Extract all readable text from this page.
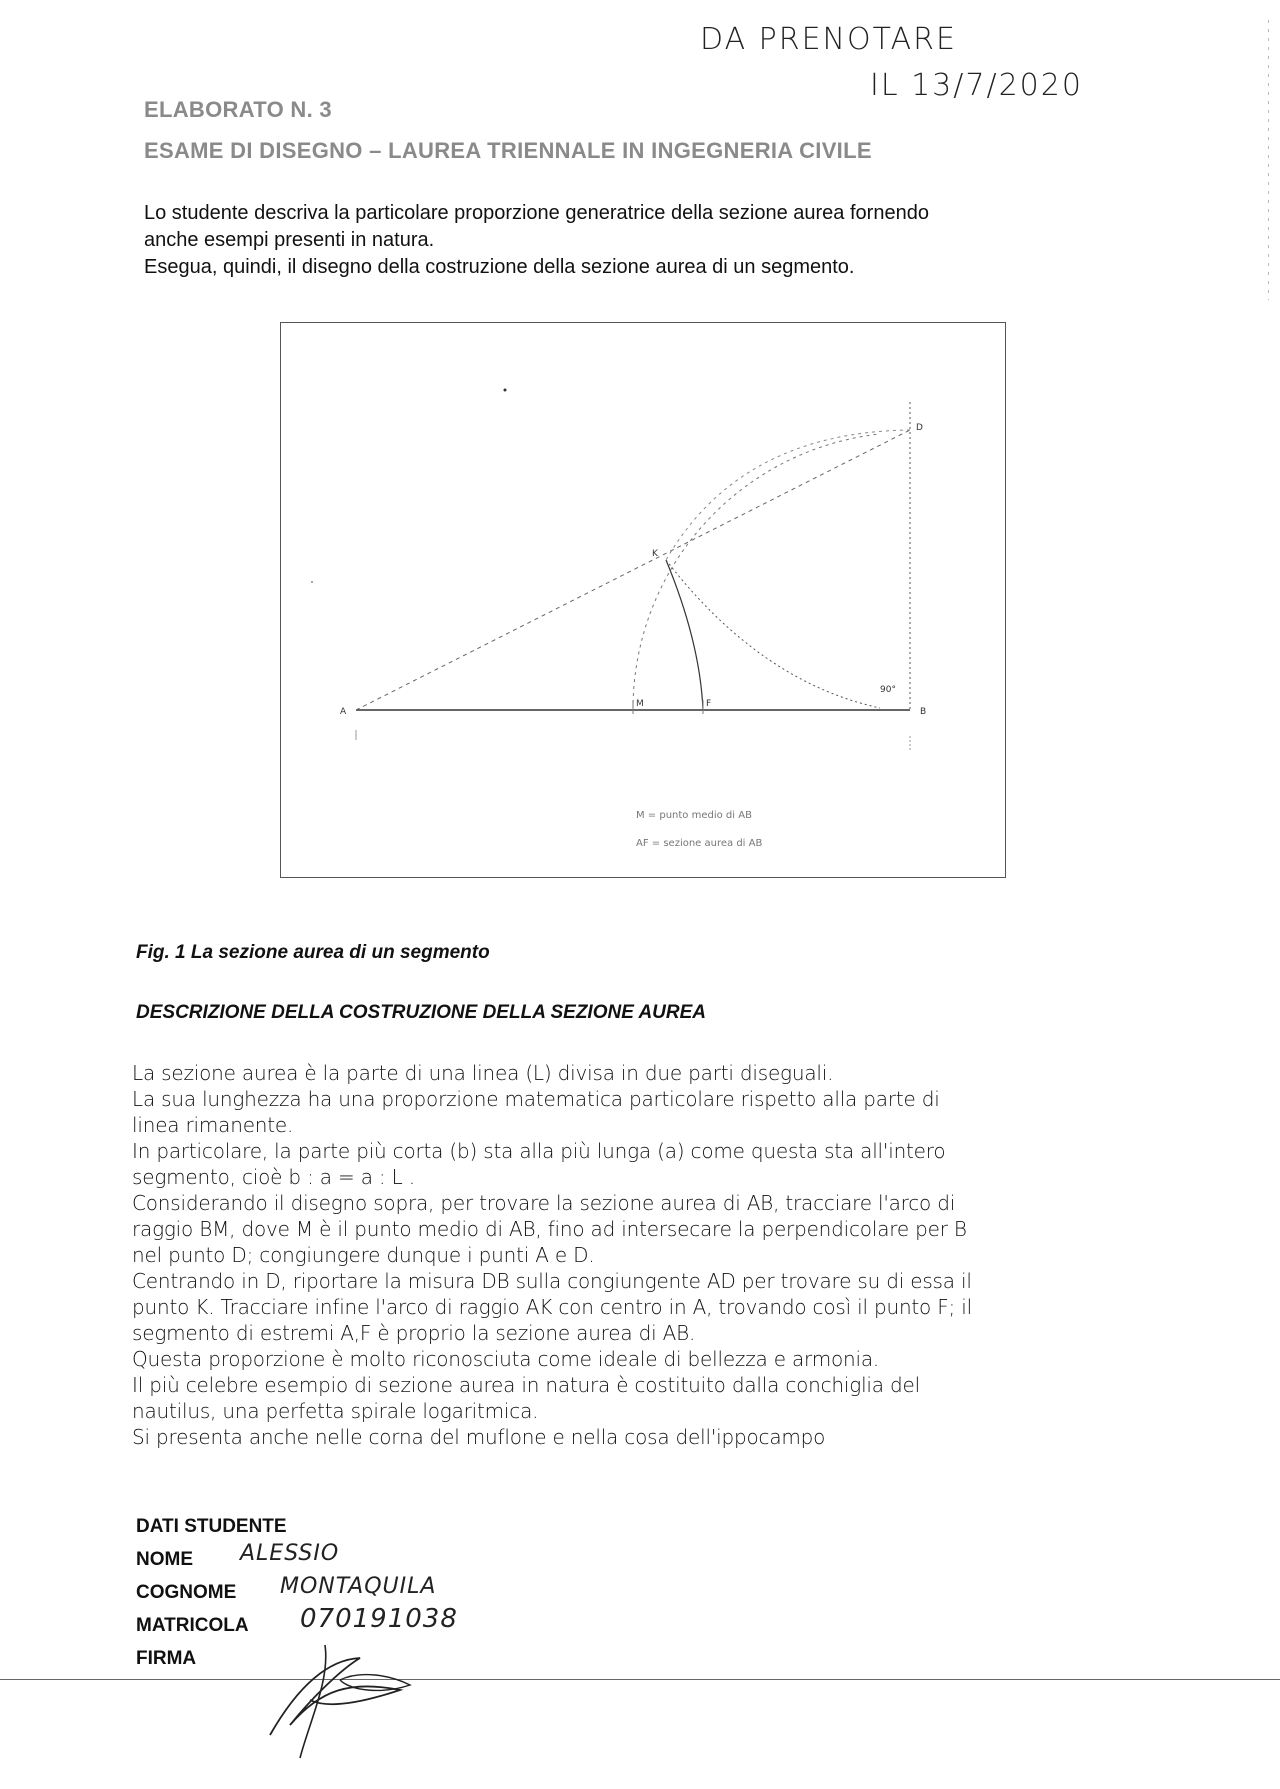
DA PRENOTARE
IL 13/7/2020
ELABORATO N. 3
ESAME DI DISEGNO – LAUREA TRIENNALE IN INGEGNERIA CIVILE

Lo studente descriva la particolare proporzione generatrice della sezione aurea fornendo

anche esempi presenti in natura.

Esegua, quindi, il disegno della costruzione della sezione aurea di un segmento.

A	B
D
K
M	F
90°
M = punto medio di AB
AF = sezione aurea di AB
Fig. 1 La sezione aurea di un segmento
DESCRIZIONE DELLA COSTRUZIONE DELLA SEZIONE AUREA

La sezione aurea è la parte di una linea (L) divisa in due parti diseguali.

La sua lunghezza ha una proporzione matematica particolare rispetto alla parte di

linea rimanente.

In particolare, la parte più corta (b) sta alla più lunga (a) come questa sta all'intero

segmento, cioè b : a = a : L .

Considerando il disegno sopra, per trovare la sezione aurea di AB, tracciare l'arco di

raggio BM, dove M è il punto medio di AB, fino ad intersecare la perpendicolare per B

nel punto D; congiungere dunque i punti A e D.

Centrando in D, riportare la misura DB sulla congiungente AD per trovare su di essa il

punto K. Tracciare infine l'arco di raggio AK con centro in A, trovando così il punto F; il

segmento di estremi A,F è proprio la sezione aurea di AB.

Questa proporzione è molto riconosciuta come ideale di bellezza e armonia.

Il più celebre esempio di sezione aurea in natura è costituito dalla conchiglia del

nautilus, una perfetta spirale logaritmica.

Si presenta anche nelle corna del muflone e nella cosa dell'ippocampo

DATI STUDENTE
NOME ALESSIO
COGNOME MONTAQUILA
MATRICOLA 070191038
FIRMA
